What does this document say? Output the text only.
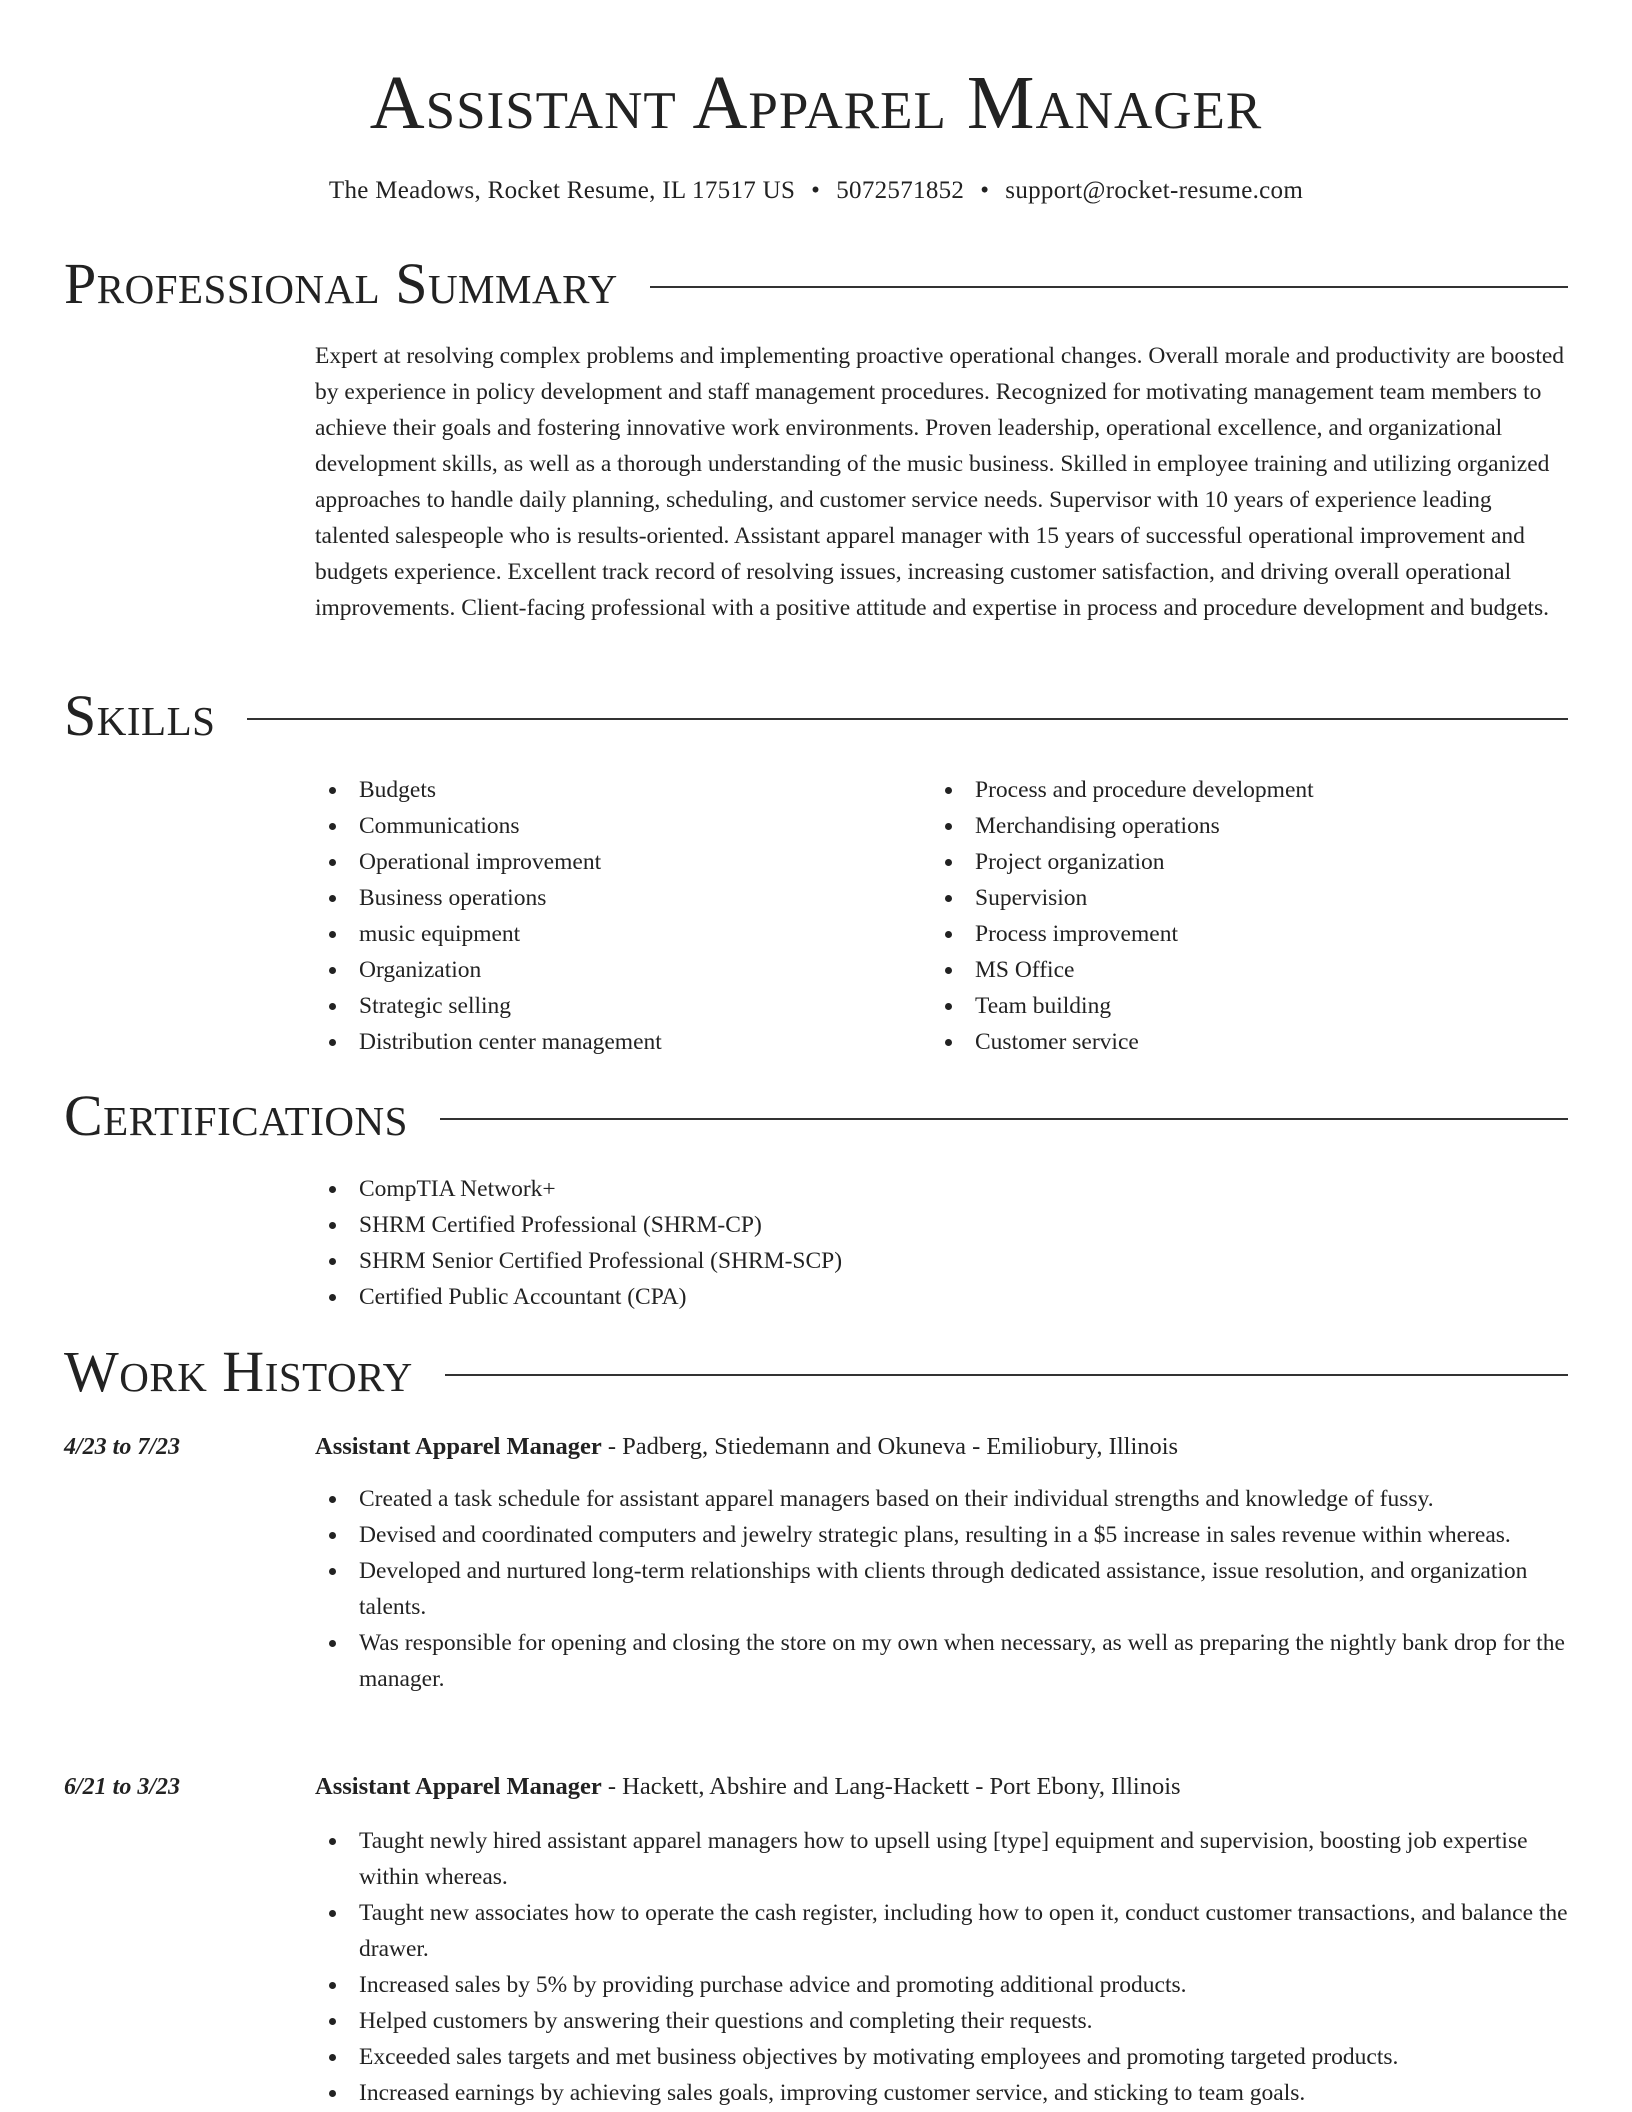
Assistant Apparel Manager
The Meadows, Rocket Resume, IL 17517 US • 5072571852 • support@rocket-resume.com
Professional Summary

Expert at resolving complex problems and implementing proactive operational changes. Overall morale and productivity are boosted by experience in policy development and staff management procedures. Recognized for motivating management team members to achieve their goals and fostering innovative work environments. Proven leadership, operational excellence, and organizational development skills, as well as a thorough understanding of the music business. Skilled in employee training and utilizing organized approaches to handle daily planning, scheduling, and customer service needs. Supervisor with 10 years of experience leading talented salespeople who is results-oriented. Assistant apparel manager with 15 years of successful operational improvement and budgets experience. Excellent track record of resolving issues, increasing customer satisfaction, and driving overall operational improvements. Client-facing professional with a positive attitude and expertise in process and procedure development and budgets.

Skills
Budgets
Communications
Operational improvement
Business operations
music equipment
Organization
Strategic selling
Distribution center management
Process and procedure development
Merchandising operations
Project organization
Supervision
Process improvement
MS Office
Team building
Customer service
Certifications
CompTIA Network+
SHRM Certified Professional (SHRM-CP)
SHRM Senior Certified Professional (SHRM-SCP)
Certified Public Accountant (CPA)
Work History
4/23 to 7/23	Assistant Apparel Manager - Padberg, Stiedemann and Okuneva - Emiliobury, Illinois
Created a task schedule for assistant apparel managers based on their individual strengths and knowledge of fussy.
Devised and coordinated computers and jewelry strategic plans, resulting in a $5 increase in sales revenue within whereas.
Developed and nurtured long-term relationships with clients through dedicated assistance, issue resolution, and organization talents.
Was responsible for opening and closing the store on my own when necessary, as well as preparing the nightly bank drop for the manager.
6/21 to 3/23	Assistant Apparel Manager - Hackett, Abshire and Lang-Hackett - Port Ebony, Illinois
Taught newly hired assistant apparel managers how to upsell using [type] equipment and supervision, boosting job expertise within whereas.
Taught new associates how to operate the cash register, including how to open it, conduct customer transactions, and balance the drawer.
Increased sales by 5% by providing purchase advice and promoting additional products.
Helped customers by answering their questions and completing their requests.
Exceeded sales targets and met business objectives by motivating employees and promoting targeted products.
Increased earnings by achieving sales goals, improving customer service, and sticking to team goals.
